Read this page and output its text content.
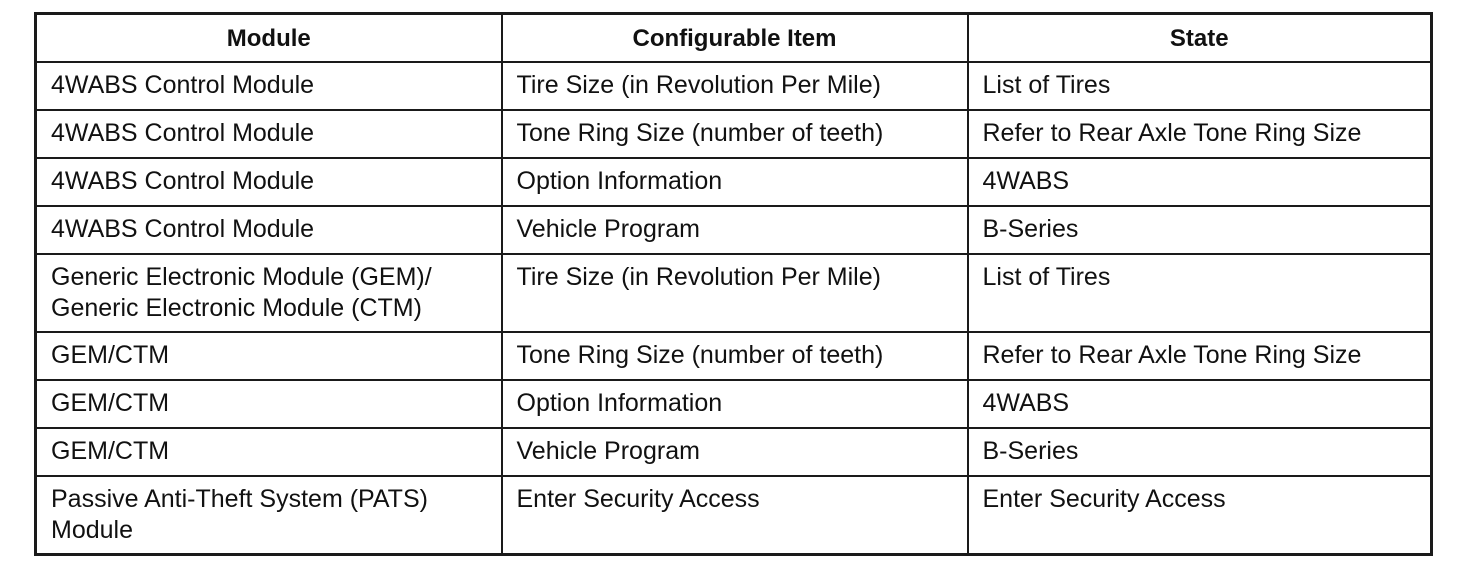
Module	Configurable Item	State

4WABS Control Module	Tire Size (in Revolution Per Mile)	List of Tires

4WABS Control Module	Tone Ring Size (number of teeth)	Refer to Rear Axle Tone Ring Size

4WABS Control Module	Option Information	4WABS

4WABS Control Module	Vehicle Program	B-Series

Generic Electronic Module (GEM)/
Generic Electronic Module (CTM)	Tire Size (in Revolution Per Mile)	List of Tires

GEM/CTM	Tone Ring Size (number of teeth)	Refer to Rear Axle Tone Ring Size

GEM/CTM	Option Information	4WABS

GEM/CTM	Vehicle Program	B-Series

Passive Anti-Theft System (PATS)
Module	Enter Security Access	Enter Security Access
